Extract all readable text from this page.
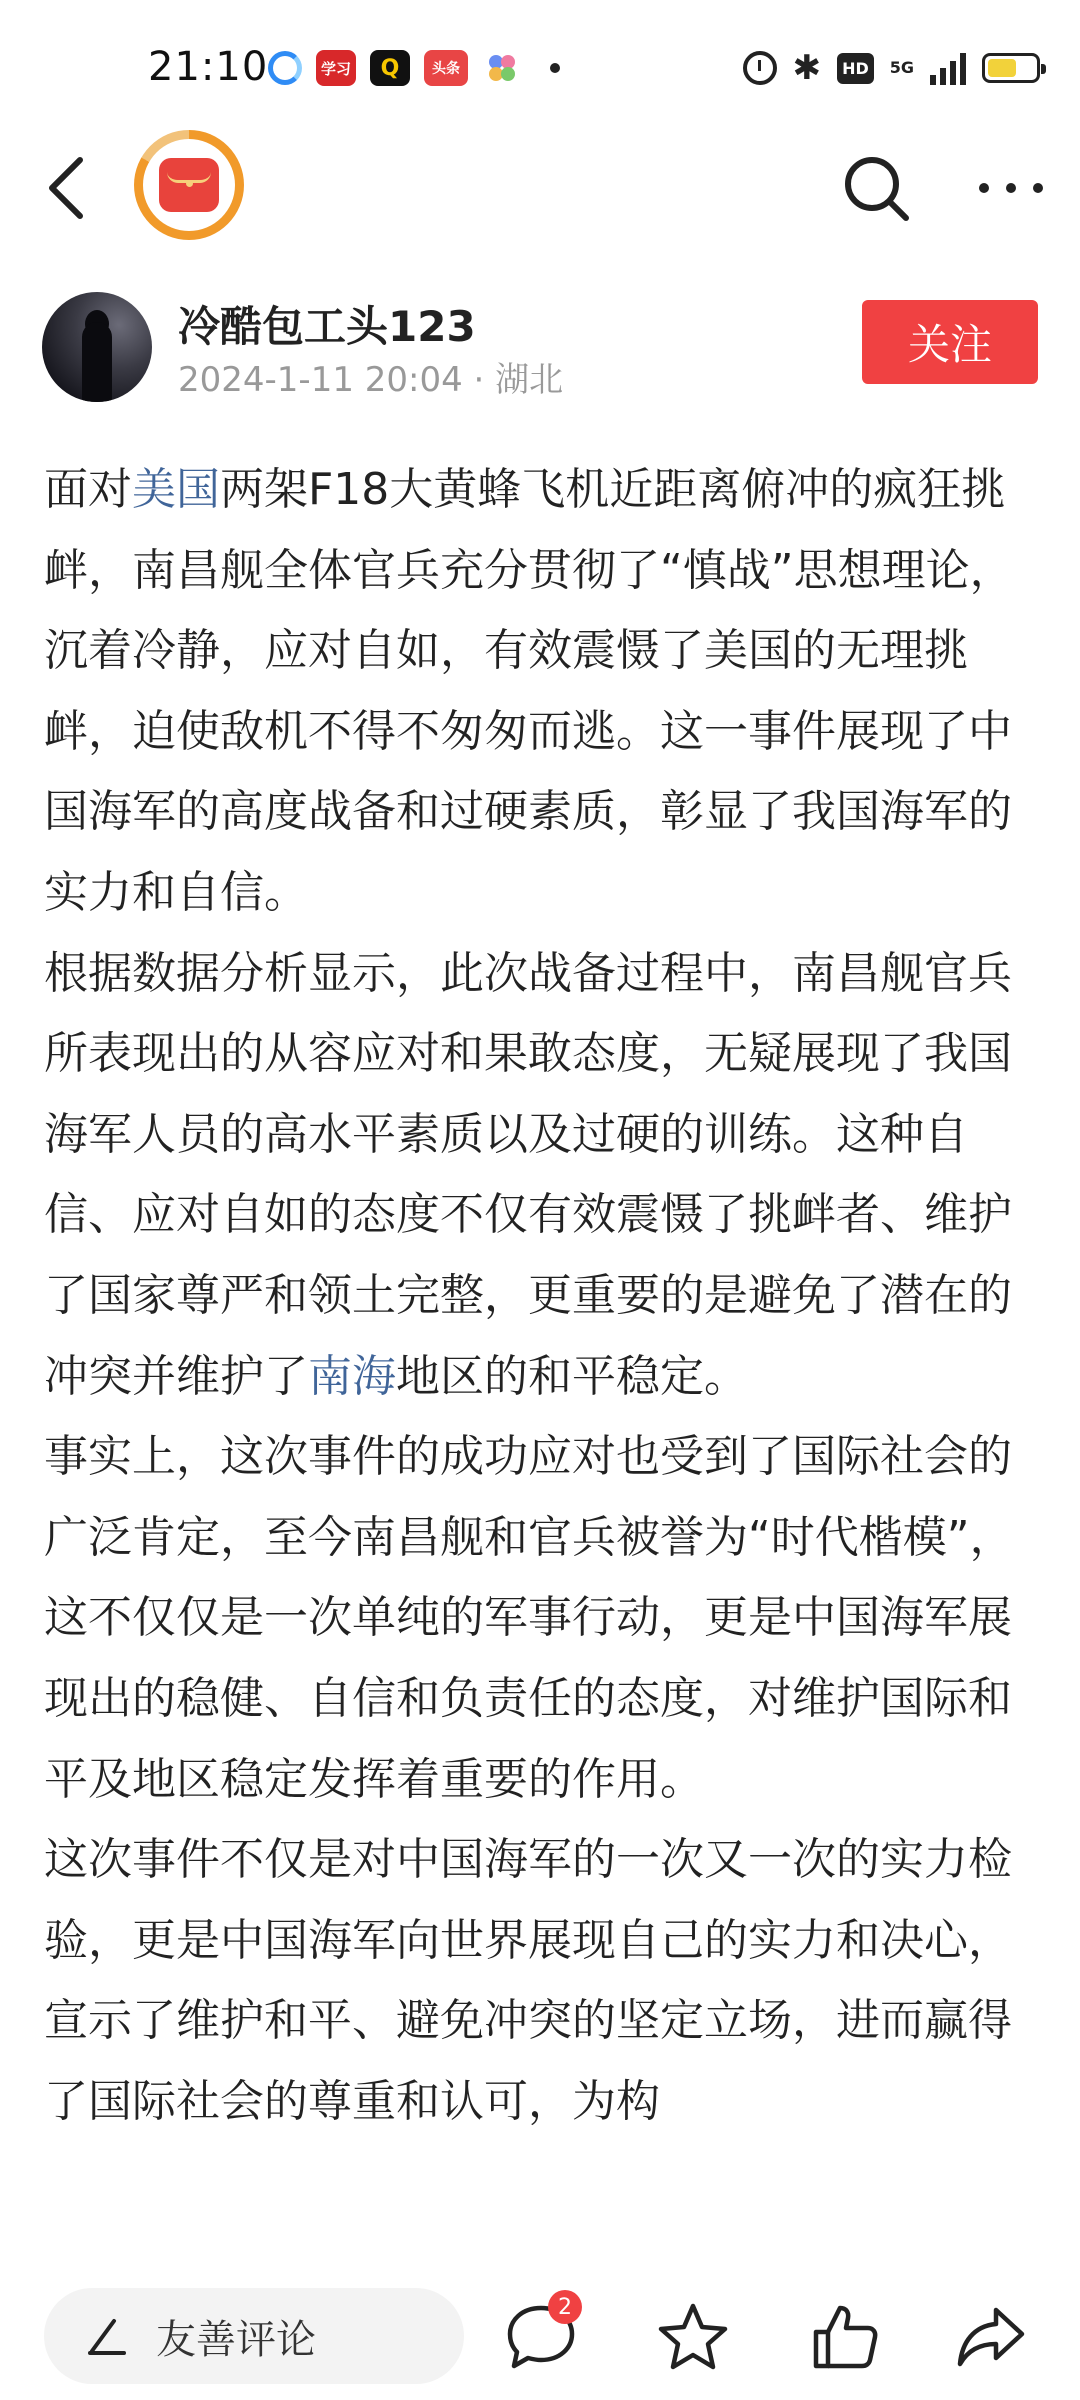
21:10	学习	Q	头条	✱	HD	5G
冷酷包工头123
2024-1-11 20:04 · 湖北
关注

面对美国两架F18大黄蜂飞机近距离俯冲的疯狂挑衅，南昌舰全体官兵充分贯彻了“慎战”思想理论，沉着冷静，应对自如，有效震慑了美国的无理挑衅，迫使敌机不得不匆匆而逃。这一事件展现了中国海军的高度战备和过硬素质，彰显了我国海军的实力和自信。

根据数据分析显示，此次战备过程中，南昌舰官兵所表现出的从容应对和果敢态度，无疑展现了我国海军人员的高水平素质以及过硬的训练。这种自信、应对自如的态度不仅有效震慑了挑衅者、维护了国家尊严和领土完整，更重要的是避免了潜在的冲突并维护了南海地区的和平稳定。

事实上，这次事件的成功应对也受到了国际社会的广泛肯定，至今南昌舰和官兵被誉为“时代楷模”，这不仅仅是一次单纯的军事行动，更是中国海军展现出的稳健、自信和负责任的态度，对维护国际和平及地区稳定发挥着重要的作用。

这次事件不仅是对中国海军的一次又一次的实力检验，更是中国海军向世界展现自己的实力和决心，宣示了维护和平、避免冲突的坚定立场，进而赢得了国际社会的尊重和认可，为构

友善评论
2
